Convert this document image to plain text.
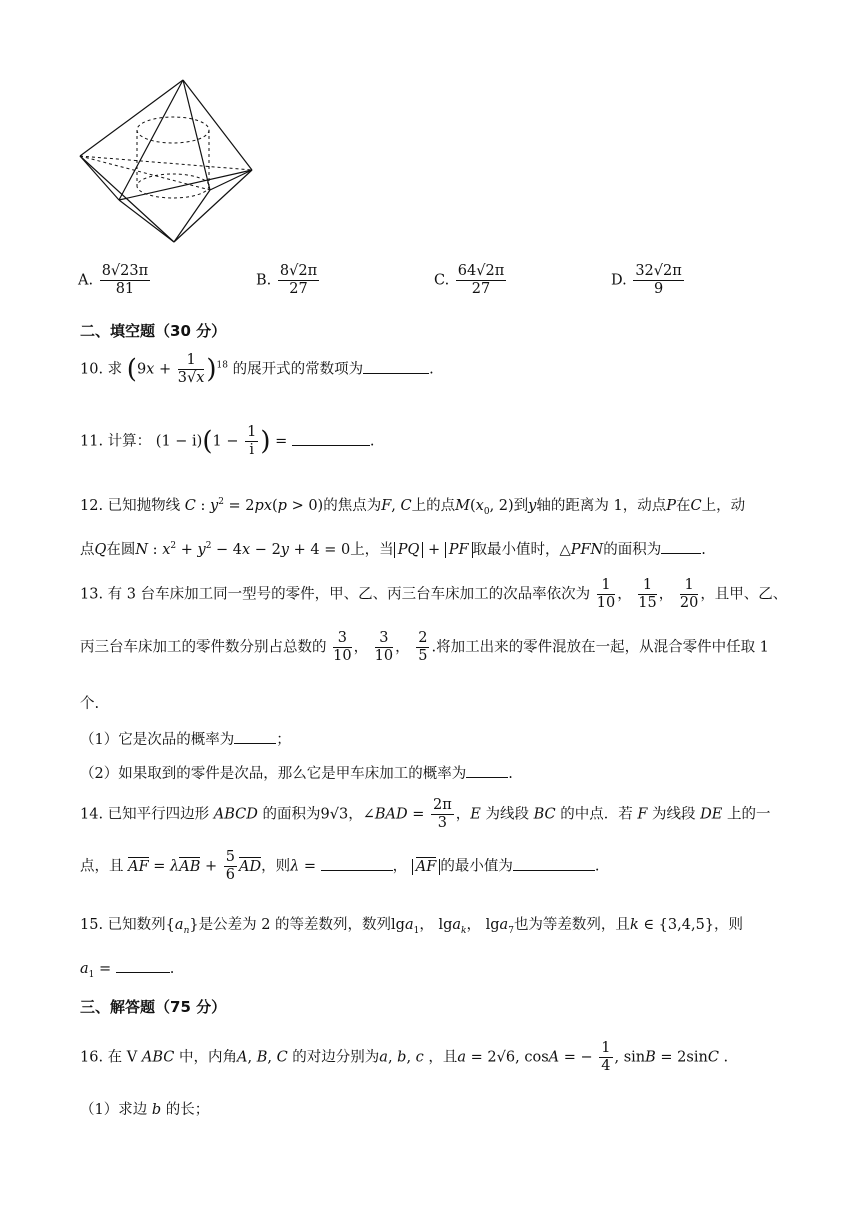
A. $\frac{8√23\pi}{81}$	B. $\frac{8√2\pi}{27}$	C. $\frac{64√2\pi}{27}$	D. $\frac{32√2\pi}{9}$
二、填空题（30 分）
10. 求 $(9x + \frac{1}{3√x} )^{18}$ 的展开式的常数项为	.
11. 计算： $(1 - i)(1 - \frac{1}{i}$ ) =	.
12. 已知抛物线 C : $y^2 = 2px(p > 0)$的焦点为F, C上的点$M(x_0$, 2)到y轴的距离为 1，动点P在C上，动
点Q在圆N : $x^2 + y^2 - 4x - 2y + 4 = 0$上，当 PQ + PF 取最小值时，△PFN的面积为	.
13. 有 3 台车床加工同一型号的零件，甲、乙、丙三台车床加工的次品率依次为 $\frac{1}{10}$ ， $\frac{1}{15}$ ， $\frac{1}{20}$ ，且甲、乙、
丙三台车床加工的零件数分别占总数的 $\frac{3}{10}$ ， $\frac{3}{10}$ ， $\frac{2}{5}$ .将加工出来的零件混放在一起，从混合零件中任取 1
个.
（1）它是次品的概率为	；
（2）如果取到的零件是次品，那么它是甲车床加工的概率为	.
14. 已知平行四边形 ABCD 的面积为9√3，∠BAD = $\frac{2\pi}{3}$ ，E 为线段 BC 的中点．若 F 为线段 DE 上的一
点，且 AF = $\lambda AB + \frac{5}{6}$ AD，则λ =	， AF 的最小值为	.
15. 已知数列$\{a_n\}$是公差为 2 的等差数列，数列lga$_1$， lga$_k$， lga$_7$也为等差数列，且k ∈ {3,4,5}，则
$a_1$ =	.
三、解答题（75 分）
16. 在 V ABC 中，内角A, B, C 的对边分别为a, b, c ，且a = 2√6, cosA = − $\frac{1}{4}$ , sinB = 2sinC .
（1）求边 b 的长；
